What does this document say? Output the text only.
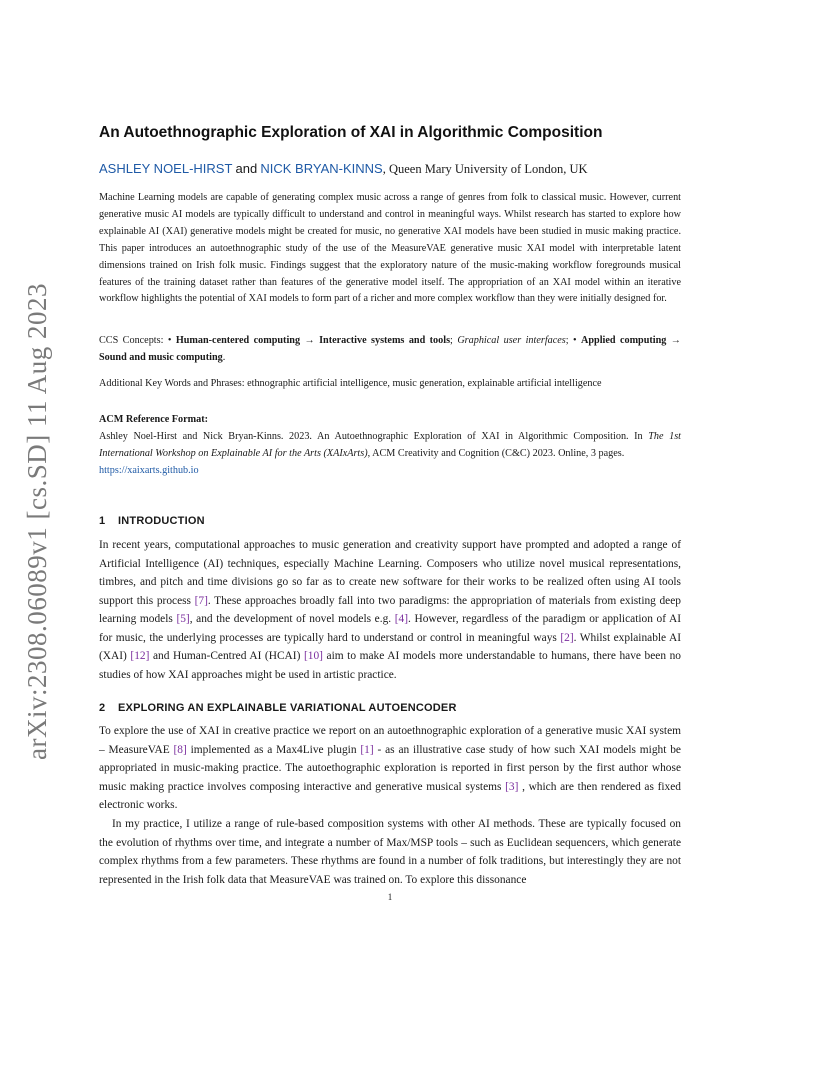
arXiv:2308.06089v1 [cs.SD] 11 Aug 2023
An Autoethnographic Exploration of XAI in Algorithmic Composition
ASHLEY NOEL-HIRST and NICK BRYAN-KINNS, Queen Mary University of London, UK
Machine Learning models are capable of generating complex music across a range of genres from folk to classical music. However, current generative music AI models are typically difficult to understand and control in meaningful ways. Whilst research has started to explore how explainable AI (XAI) generative models might be created for music, no generative XAI models have been studied in music making practice. This paper introduces an autoethnographic study of the use of the MeasureVAE generative music XAI model with interpretable latent dimensions trained on Irish folk music. Findings suggest that the exploratory nature of the music-making workflow foregrounds musical features of the training dataset rather than features of the generative model itself. The appropriation of an XAI model within an iterative workflow highlights the potential of XAI models to form part of a richer and more complex workflow than they were initially designed for.
CCS Concepts: • Human-centered computing → Interactive systems and tools; Graphical user interfaces; • Applied computing → Sound and music computing.
Additional Key Words and Phrases: ethnographic artificial intelligence, music generation, explainable artificial intelligence
ACM Reference Format:
Ashley Noel-Hirst and Nick Bryan-Kinns. 2023. An Autoethnographic Exploration of XAI in Algorithmic Composition. In The 1st International Workshop on Explainable AI for the Arts (XAIxArts), ACM Creativity and Cognition (C&C) 2023. Online, 3 pages.
https://xaixarts.github.io
1 INTRODUCTION
In recent years, computational approaches to music generation and creativity support have prompted and adopted a range of Artificial Intelligence (AI) techniques, especially Machine Learning. Composers who utilize novel musical representations, timbres, and pitch and time divisions go so far as to create new software for their works to be realized often using AI tools support this process [7]. These approaches broadly fall into two paradigms: the appropriation of materials from existing deep learning models [5], and the development of novel models e.g. [4]. However, regardless of the paradigm or application of AI for music, the underlying processes are typically hard to understand or control in meaningful ways [2]. Whilst explainable AI (XAI) [12] and Human-Centred AI (HCAI) [10] aim to make AI models more understandable to humans, there have been no studies of how XAI approaches might be used in artistic practice.
2 EXPLORING AN EXPLAINABLE VARIATIONAL AUTOENCODER
To explore the use of XAI in creative practice we report on an autoethnographic exploration of a generative music XAI system – MeasureVAE [8] implemented as a Max4Live plugin [1] - as an illustrative case study of how such XAI models might be appropriated in music-making practice. The autoethographic exploration is reported in first person by the first author whose music making practice involves composing interactive and generative musical systems [3] , which are then rendered as fixed electronic works.
In my practice, I utilize a range of rule-based composition systems with other AI methods. These are typically focused on the evolution of rhythms over time, and integrate a number of Max/MSP tools – such as Euclidean sequencers, which generate complex rhythms from a few parameters. These rhythms are found in a number of folk traditions, but interestingly they are not represented in the Irish folk data that MeasureVAE was trained on. To explore this dissonance
1
